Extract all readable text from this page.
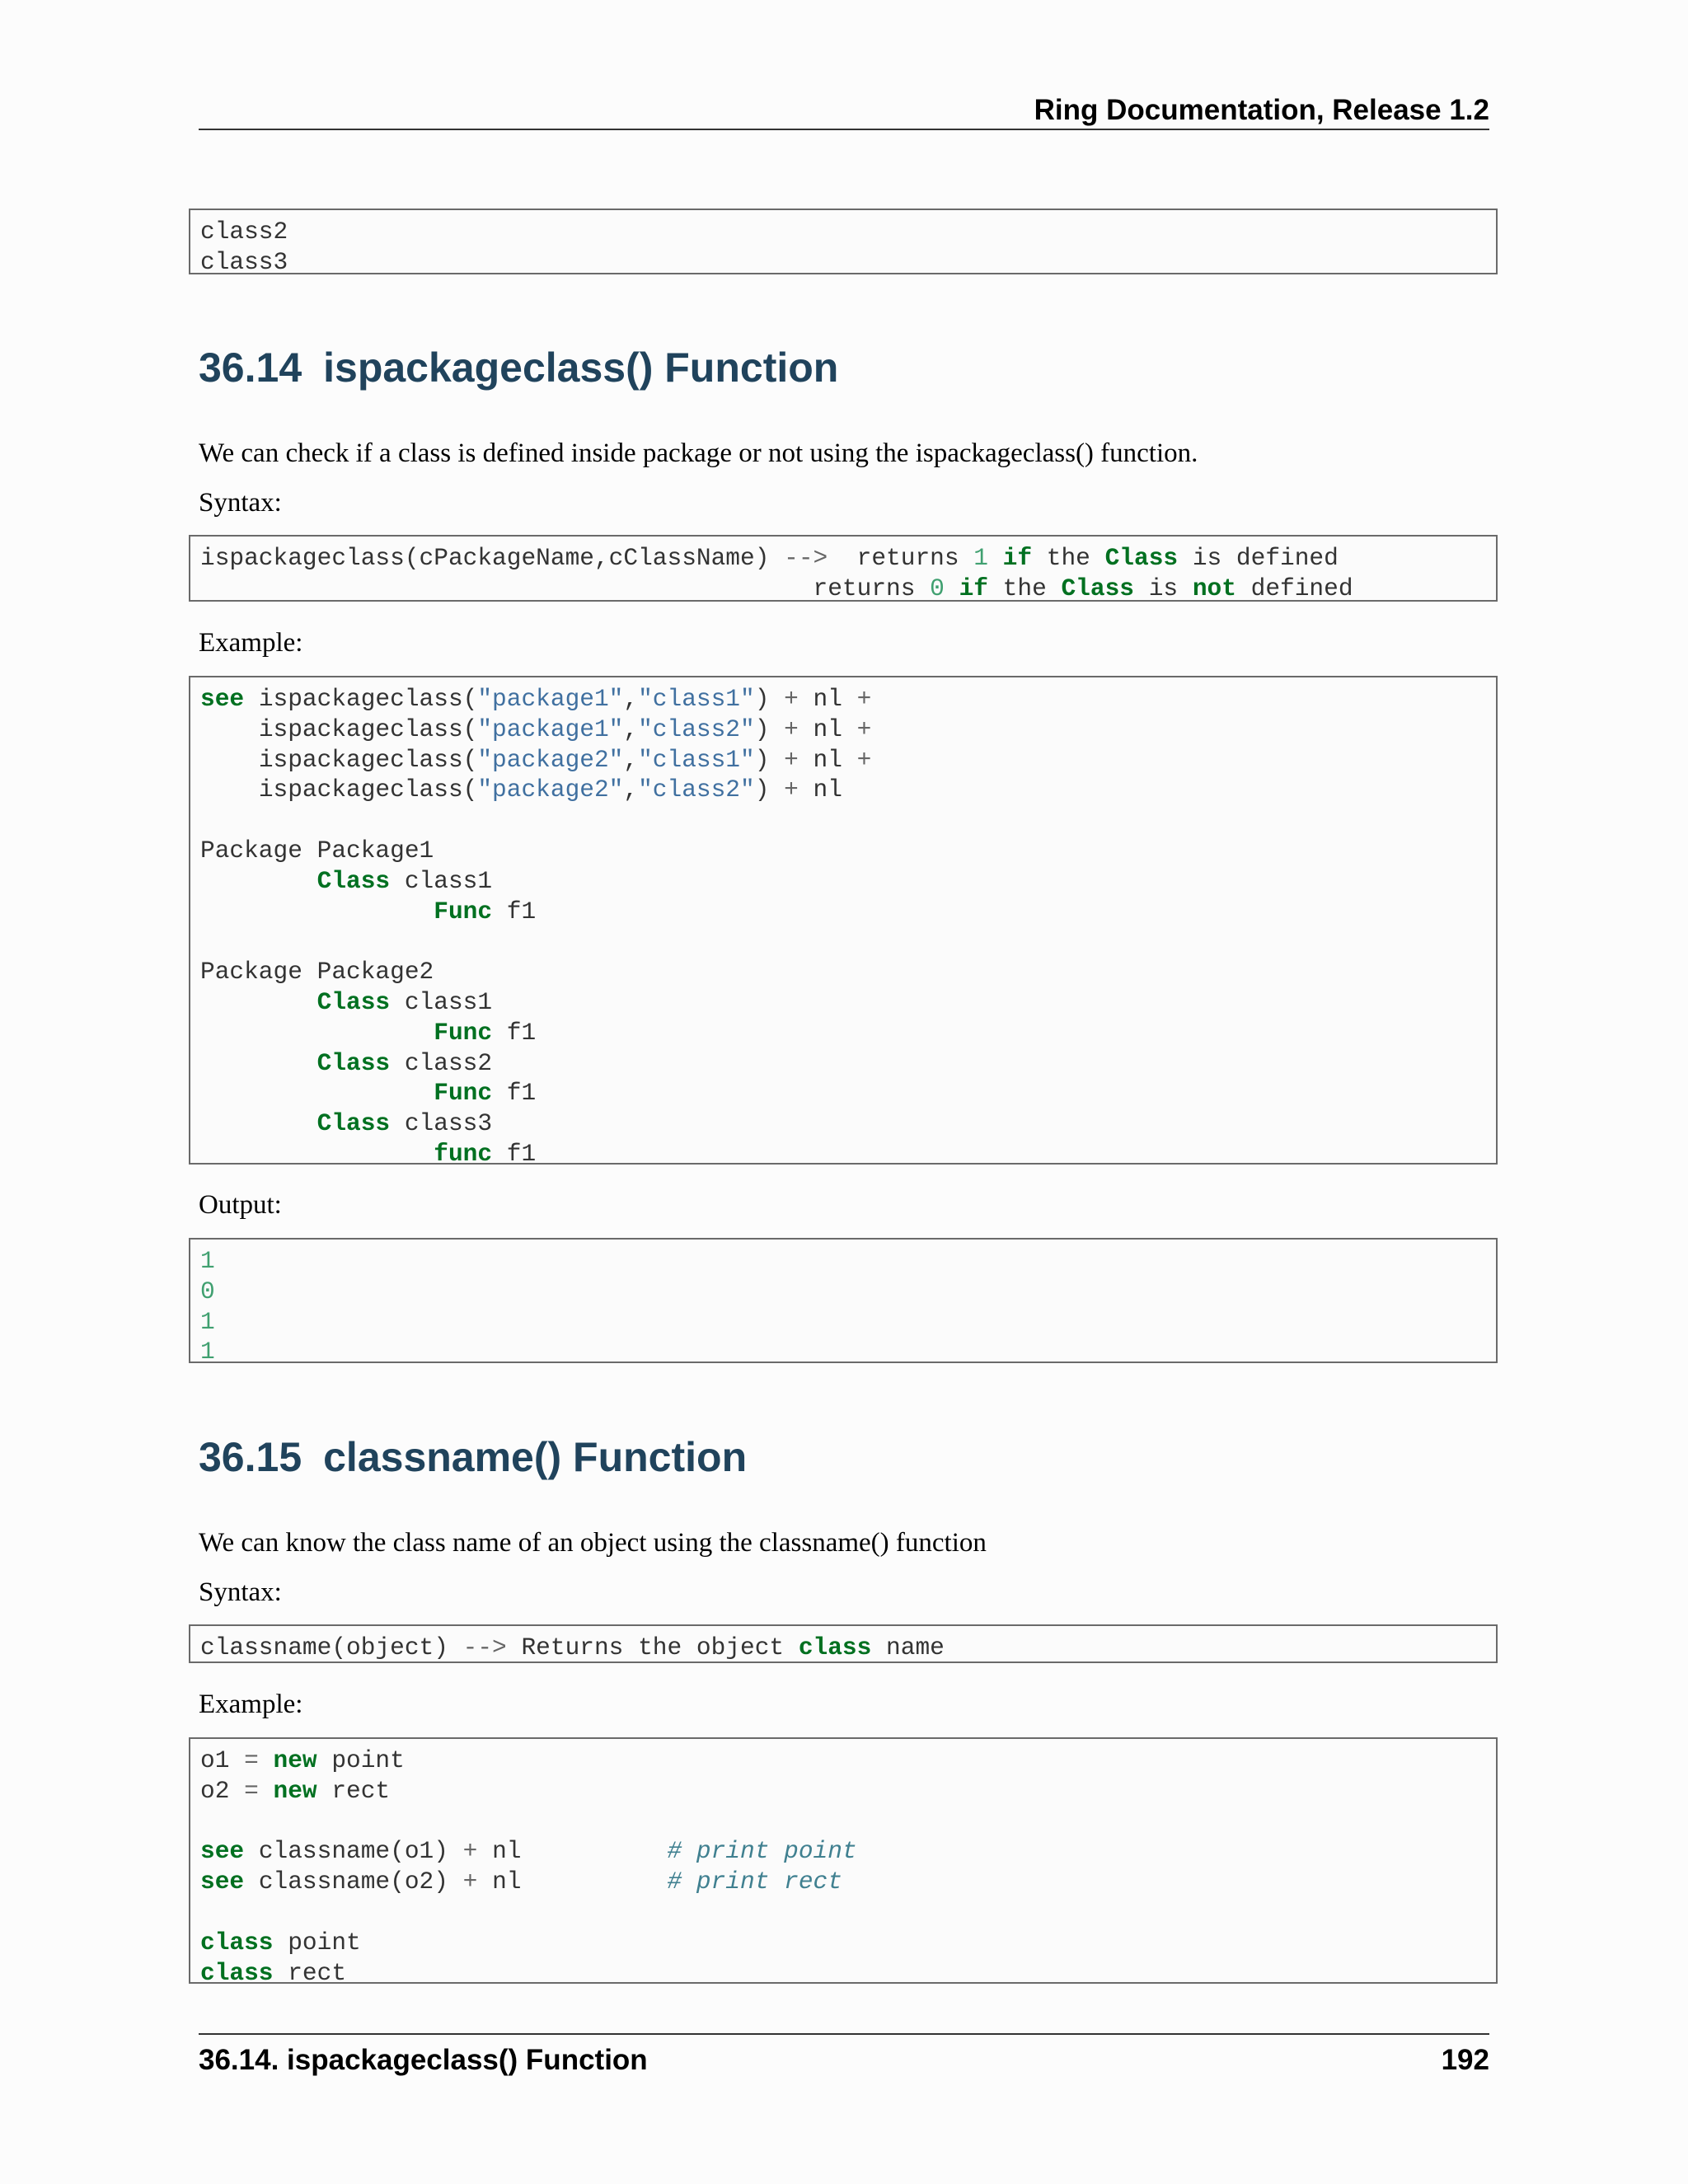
Ring Documentation, Release 1.2
class2
class3
36.14 ispackageclass() Function

We can check if a class is defined inside package or not using the ispackageclass() function.

Syntax:

ispackageclass(cPackageName,cClassName) --> returns 1 if the Class is defined
returns 0 if the Class is not defined

Example:

see ispackageclass("package1","class1") + nl +
ispackageclass("package1","class2") + nl +
ispackageclass("package2","class1") + nl +
ispackageclass("package2","class2") + nl

Package Package1
Class class1
Func f1

Package Package2
Class class1
Func f1
Class class2
Func f1
Class class3
func f1

Output:

1
0
1
1
36.15 classname() Function

We can know the class name of an object using the classname() function

Syntax:

classname(object) --> Returns the object class name

Example:

o1 = new point
o2 = new rect

see classname(o1) + nl	# print point
see classname(o2) + nl	# print rect

class point
class rect
36.14. ispackageclass() Function	192
